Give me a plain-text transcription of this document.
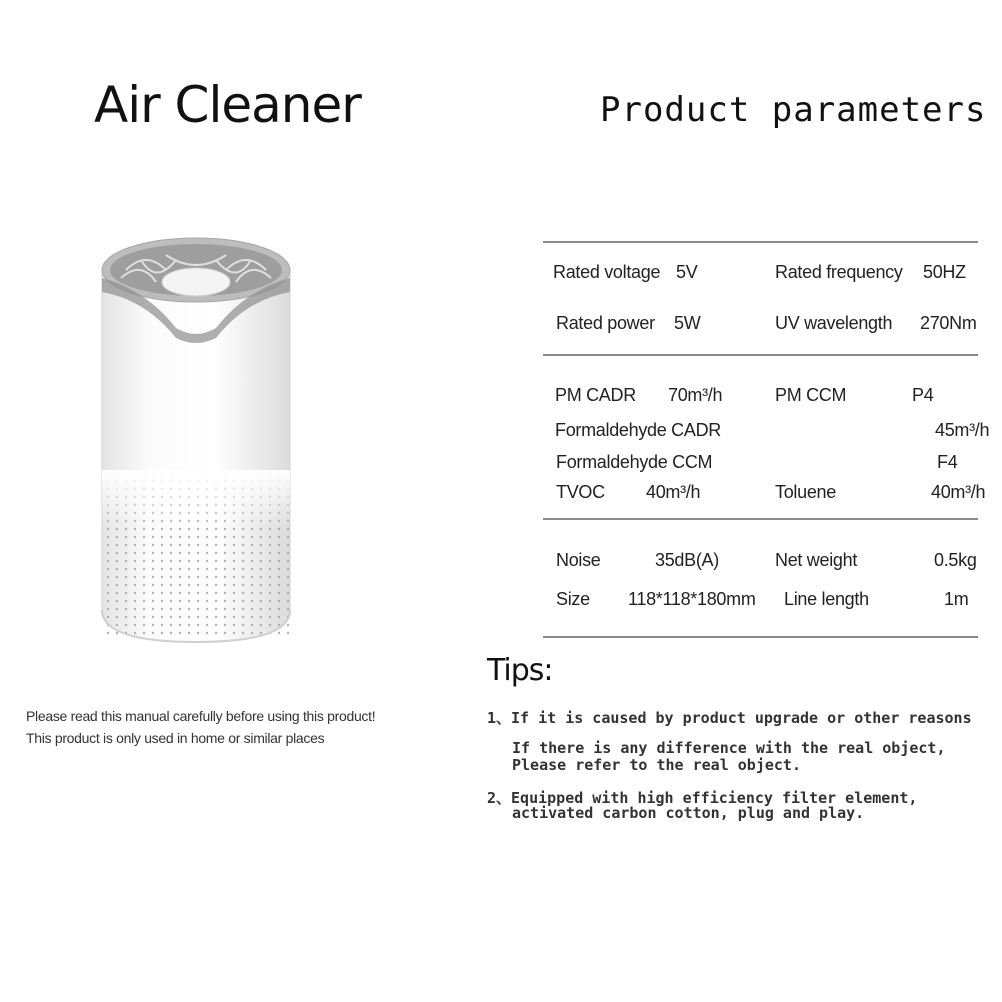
Air Cleaner
Please read this manual carefully before using this product!
This product is only used in home or similar places
Product parameters
Rated voltage 5V	Rated frequency 50HZ
Rated power 5W	UV wavelength 270Nm
PM CADR 70m³/h	PM CCM	P4
Formaldehyde CADR	45m³/h
Formaldehyde CCM	F4
TVOC 40m³/h	Toluene	40m³/h
Noise	35dB(A)	Net weight	0.5kg
Size 118*118*180mm Line length	1m
Tips:
1、If it is caused by product upgrade or other reasons
If there is any difference with the real object,
Please refer to the real object.
2、Equipped with high efficiency filter element,
activated carbon cotton, plug and play.
